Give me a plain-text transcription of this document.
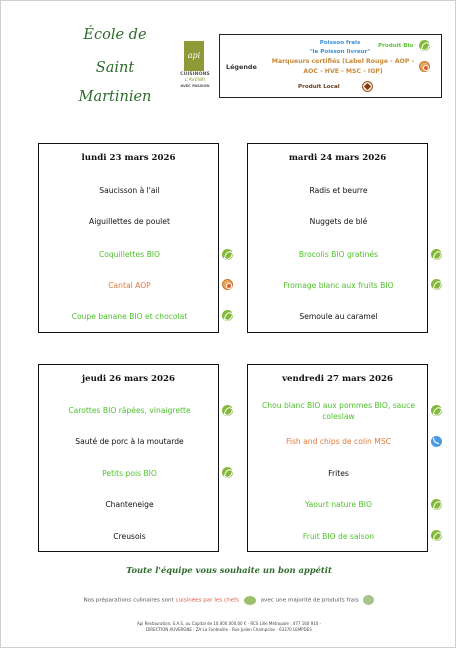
École de
Saint
Martinien
api
CUISINONS
L'AVENIR
AVEC PASSION
Légende
Poisson frais
"le Poisson livreur"
Produit Bio
Marqueurs certifiés (Label Rouge - AOP -
AOC - HVE - MSC - IGP)
Produit Local
lundi 23 mars 2026
Saucisson à l'ail
Aiguillettes de poulet
Coquillettes BIO
Cantal AOP
Coupe banane BIO et chocolat
mardi 24 mars 2026
Radis et beurre
Nuggets de blé
Brocolis BIO gratinés
Fromage blanc aux fruits BIO
Semoule au caramel
jeudi 26 mars 2026
Carottes BIO râpées, vinaigrette
Sauté de porc à la moutarde
Petits pois BIO
Chanteneige
Creusois
vendredi 27 mars 2026
Chou blanc BIO aux pommes BIO, sauce coleslaw
Fish and chips de colin MSC
Frites
Yaourt nature BIO
Fruit BIO de saison
Toute l'équipe vous souhaite un bon appétit
Nos préparations culinaires sont cuisinées par les chefs	avec une majorité de produits frais
Api Restauration, S.A.S. au Capital de 10.000.000,00 € - RCS Lille Métropole : 477 160 910 -
DIRECTION AUVERGNE : ZA La Fontenille - Rue Julien Champclos - 63370 LEMPDES
